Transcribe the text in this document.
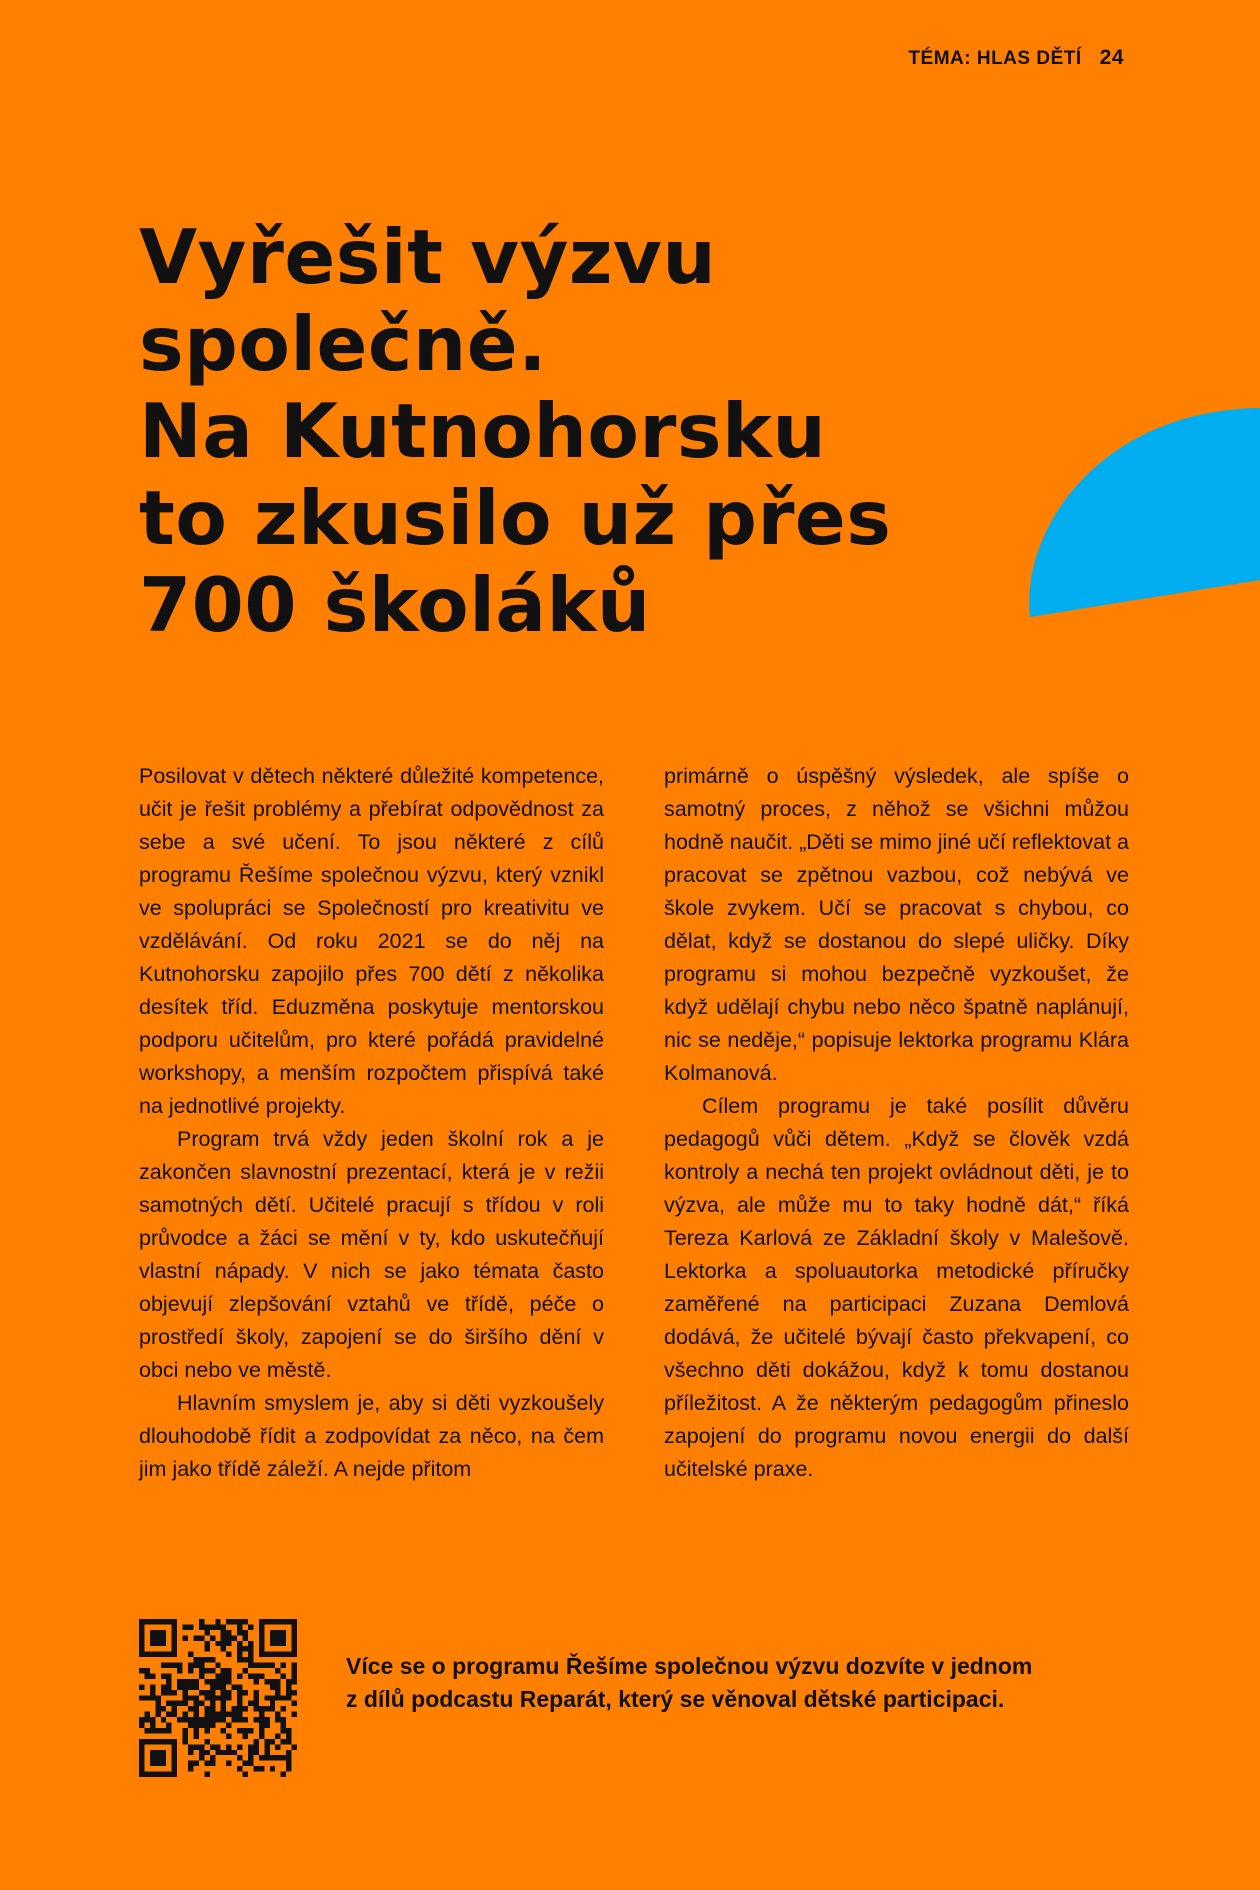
TÉMA: HLAS DĚTÍ 24
Vyřešit výzvu společně.
Na Kutnohorsku
to zkusilo už přes
700 školáků

Posilovat v dětech některé důležité kompetence, učit je řešit problémy a přebírat odpovědnost za sebe a své učení. To jsou některé z cílů programu Řešíme společnou výzvu, který vznikl ve spolupráci se Společností pro kreativitu ve vzdělávání. Od roku 2021 se do něj na Kutnohorsku zapojilo přes 700 dětí z několika desítek tříd. Eduzměna poskytuje mentorskou podporu učitelům, pro které pořádá pravidelné workshopy, a menším rozpočtem přispívá také na jednotlivé projekty.

Program trvá vždy jeden školní rok a je zakončen slavnostní prezentací, která je v režii samotných dětí. Učitelé pracují s třídou v roli průvodce a žáci se mění v ty, kdo uskutečňují vlastní nápady. V nich se jako témata často objevují zlepšování vztahů ve třídě, péče o prostředí školy, zapojení se do širšího dění v obci nebo ve městě.

Hlavním smyslem je, aby si děti vyzkoušely dlouhodobě řídit a zodpovídat za něco, na čem jim jako třídě záleží. A nejde přitom

primárně o úspěšný výsledek, ale spíše o samotný proces, z něhož se všichni můžou hodně naučit. „Děti se mimo jiné učí reflektovat a pracovat se zpětnou vazbou, což nebývá ve škole zvykem. Učí se pracovat s chybou, co dělat, když se dostanou do slepé uličky. Díky programu si mohou bezpečně vyzkoušet, že když udělají chybu nebo něco špatně naplánují, nic se neděje,“ popisuje lektorka programu Klára Kolmanová.

Cílem programu je také posílit důvěru pedagogů vůči dětem. „Když se člověk vzdá kontroly a nechá ten projekt ovládnout děti, je to výzva, ale může mu to taky hodně dát,“ říká Tereza Karlová ze Základní školy v Malešově. Lektorka a spoluautorka metodické příručky zaměřené na participaci Zuzana Demlová dodává, že učitelé bývají často překvapení, co všechno děti dokážou, když k tomu dostanou příležitost. A že některým pedagogům přineslo zapojení do programu novou energii do další učitelské praxe.

Více se o programu Řešíme společnou výzvu dozvíte v jednom z dílů podcastu Reparát, který se věnoval dětské participaci.
